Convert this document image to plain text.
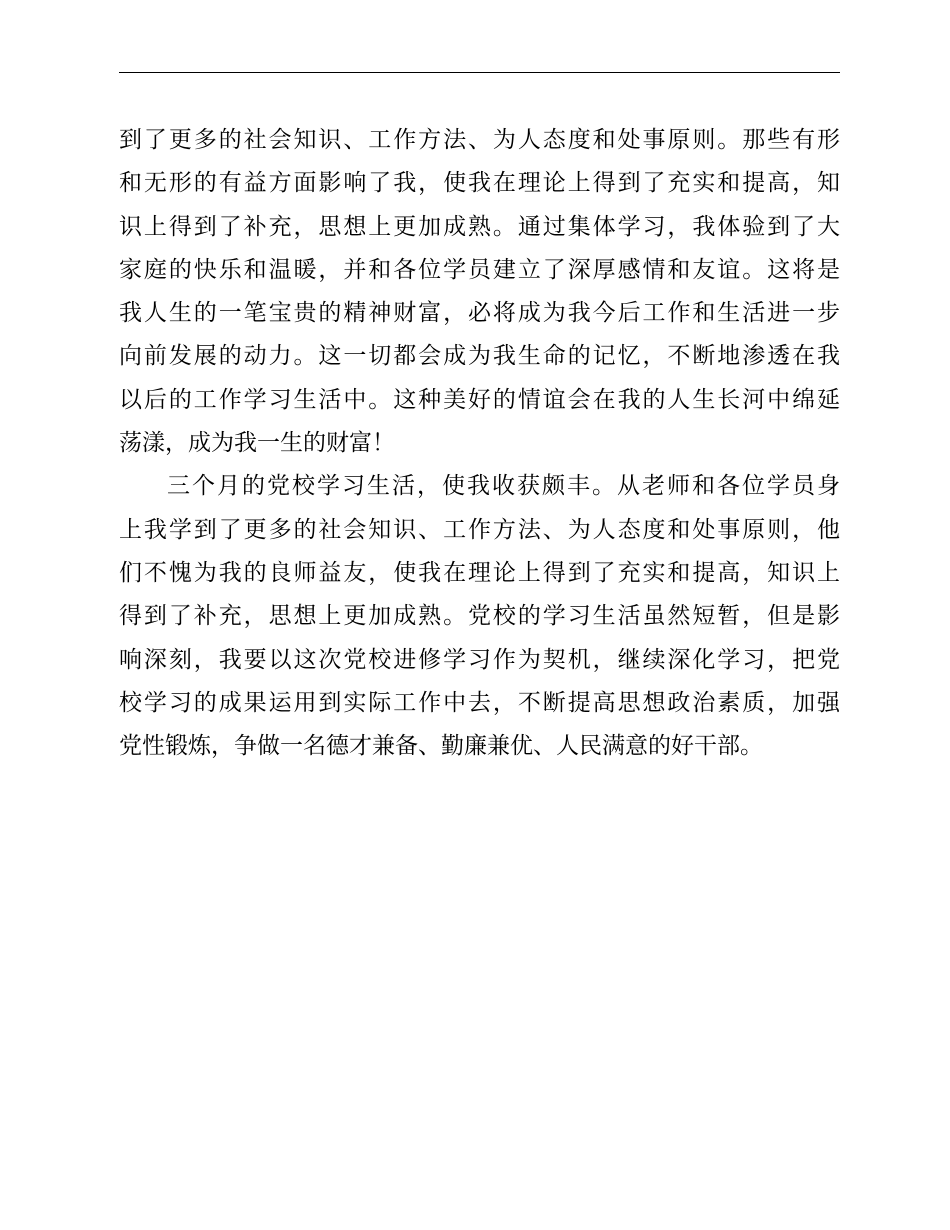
到了更多的社会知识、工作方法、为人态度和处事原则。那些有形
和无形的有益方面影响了我，使我在理论上得到了充实和提高，知
识上得到了补充，思想上更加成熟。通过集体学习，我体验到了大
家庭的快乐和温暖，并和各位学员建立了深厚感情和友谊。这将是
我人生的一笔宝贵的精神财富，必将成为我今后工作和生活进一步
向前发展的动力。这一切都会成为我生命的记忆，不断地渗透在我
以后的工作学习生活中。这种美好的情谊会在我的人生长河中绵延
荡漾，成为我一生的财富！
三个月的党校学习生活，使我收获颇丰。从老师和各位学员身
上我学到了更多的社会知识、工作方法、为人态度和处事原则，他
们不愧为我的良师益友，使我在理论上得到了充实和提高，知识上
得到了补充，思想上更加成熟。党校的学习生活虽然短暂，但是影
响深刻，我要以这次党校进修学习作为契机，继续深化学习，把党
校学习的成果运用到实际工作中去，不断提高思想政治素质，加强
党性锻炼，争做一名德才兼备、勤廉兼优、人民满意的好干部。
